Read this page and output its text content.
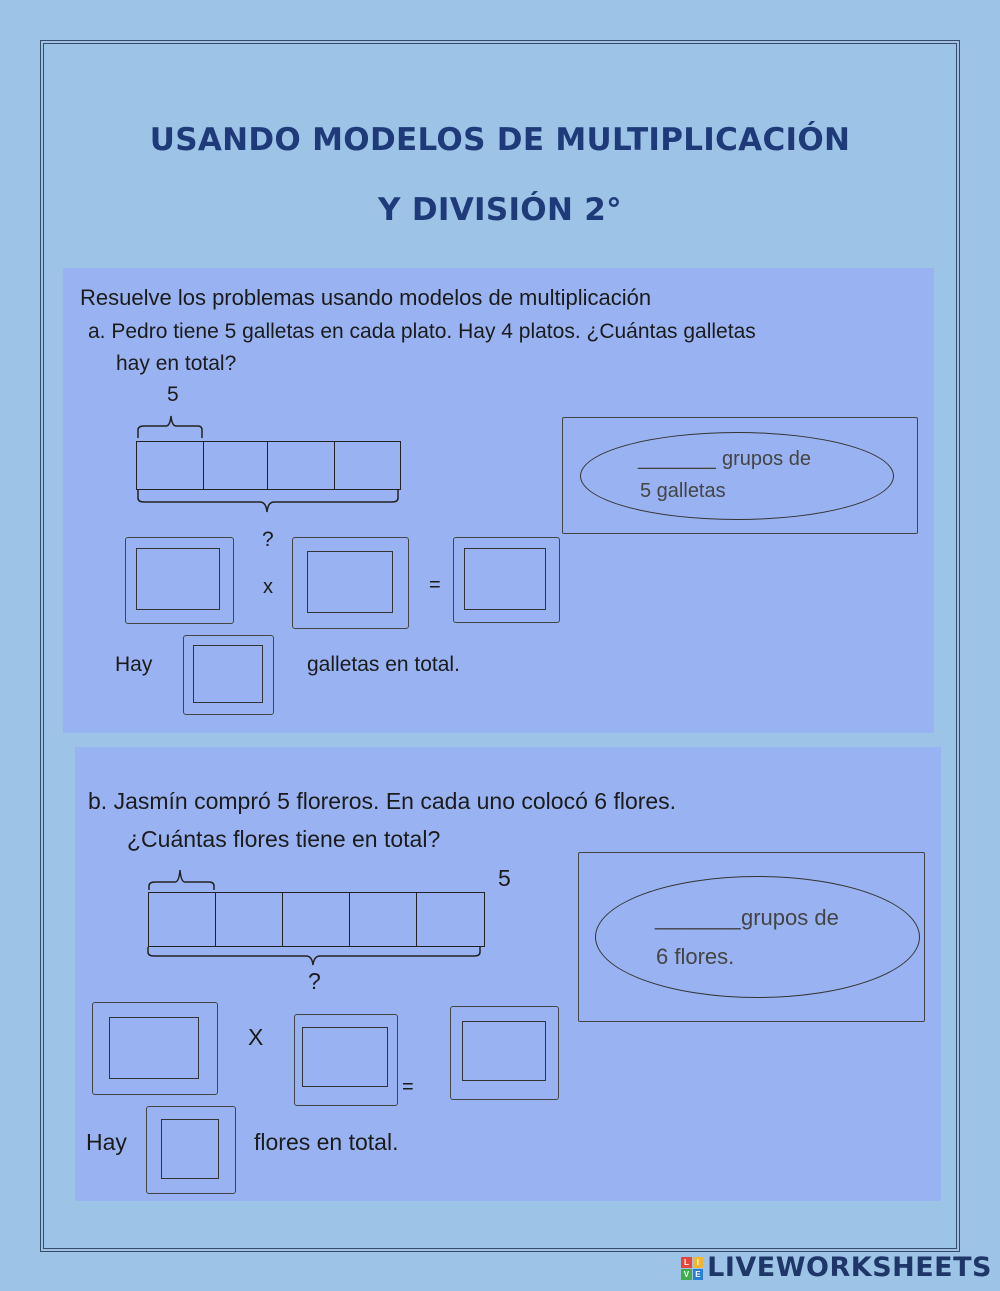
USANDO MODELOS DE MULTIPLICACIÓN
Y DIVISIÓN 2°
Resuelve los problemas usando modelos de multiplicación
a. Pedro tiene 5 galletas en cada plato. Hay 4 platos. ¿Cuántas galletas
hay en total?
5
?
_______ grupos de
5 galletas
x	=
Hay	galletas en total.
b. Jasmín compró 5 floreros. En cada uno colocó 6 flores.
¿Cuántas flores tiene en total?
5
?
_______ grupos de
6 flores.
X
=
Hay	flores en total.
L I
V E LIVEWORKSHEETS
